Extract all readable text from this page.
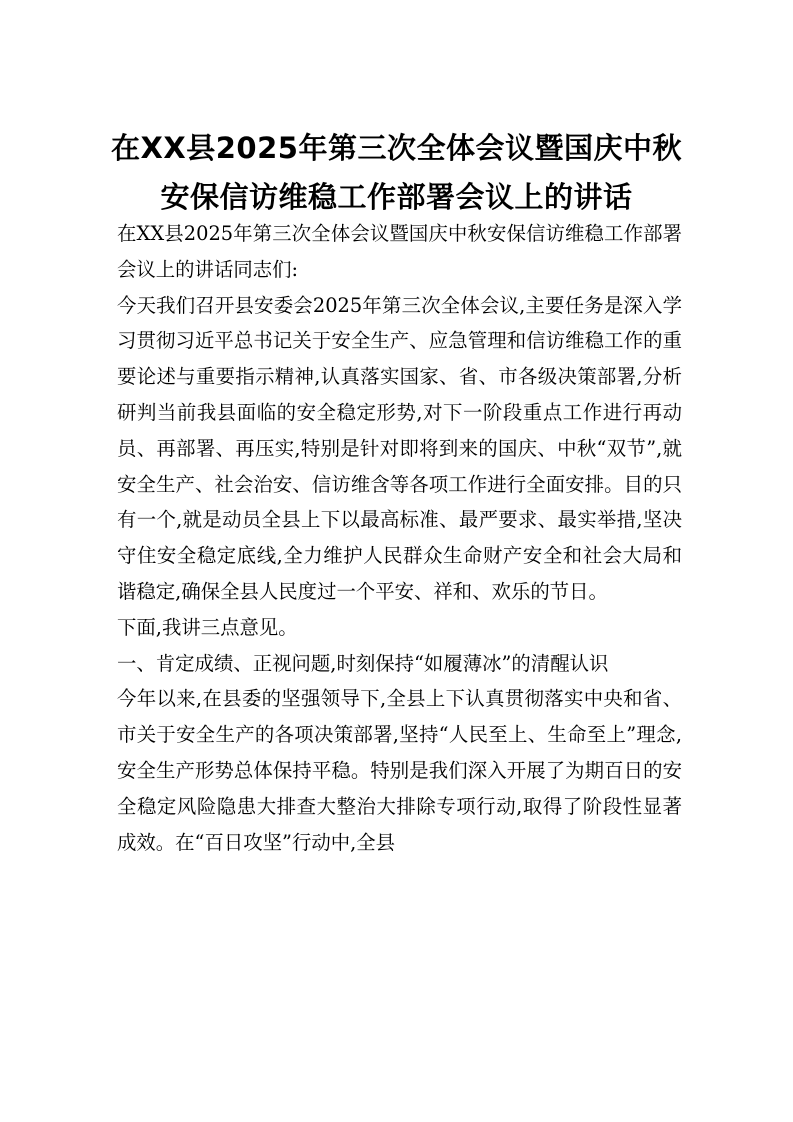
在XX县2025年第三次全体会议暨国庆中秋
安保信访维稳工作部署会议上的讲话

在XX县2025年第三次全体会议暨国庆中秋安保信访维稳工作部署会议上的讲话同志们:

今天我们召开县安委会2025年第三次全体会议,主要任务是深入学习贯彻习近平总书记关于安全生产、应急管理和信访维稳工作的重要论述与重要指示精神,认真落实国家、省、市各级决策部署,分析研判当前我县面临的安全稳定形势,对下一阶段重点工作进行再动员、再部署、再压实,特别是针对即将到来的国庆、中秋“双节”,就安全生产、社会治安、信访维含等各项工作进行全面安排。目的只有一个,就是动员全县上下以最高标准、最严要求、最实举措,坚决守住安全稳定底线,全力维护人民群众生命财产安全和社会大局和谐稳定,确保全县人民度过一个平安、祥和、欢乐的节日。

下面,我讲三点意见。

一、肯定成绩、正视问题,时刻保持“如履薄冰”的清醒认识

今年以来,在县委的坚强领导下,全县上下认真贯彻落实中央和省、市关于安全生产的各项决策部署,坚持“人民至上、生命至上”理念,安全生产形势总体保持平稳。特别是我们深入开展了为期百日的安全稳定风险隐患大排查大整治大排除专项行动,取得了阶段性显著成效。在“百日攻坚”行动中,全县
